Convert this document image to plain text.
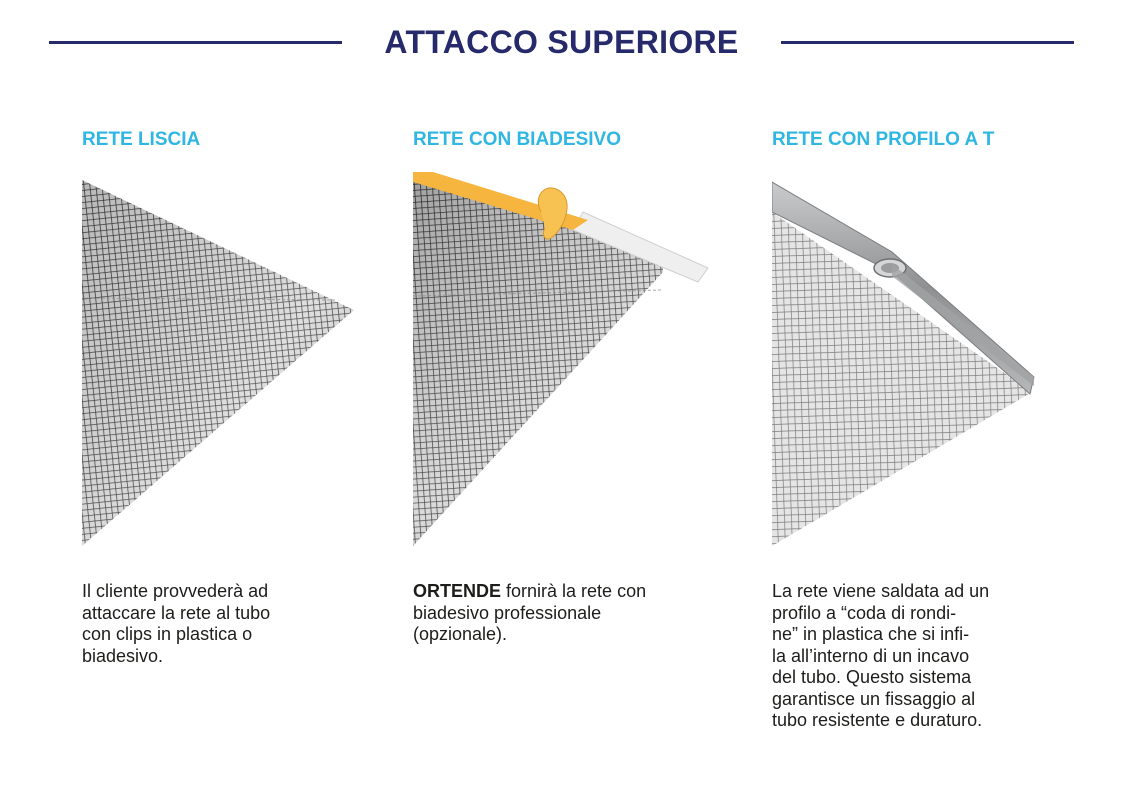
ATTACCO SUPERIORE
RETE LISCIA
Il cliente provvederà ad
attaccare la rete al tubo
con clips in plastica o
biadesivo.
RETE CON BIADESIVO
ORTENDE fornirà la rete con
biadesivo professionale
(opzionale).
RETE CON PROFILO A T
La rete viene saldata ad un
profilo a “coda di rondi-
ne” in plastica che si infi-
la all’interno di un incavo
del tubo. Questo sistema
garantisce un fissaggio al
tubo resistente e duraturo.
